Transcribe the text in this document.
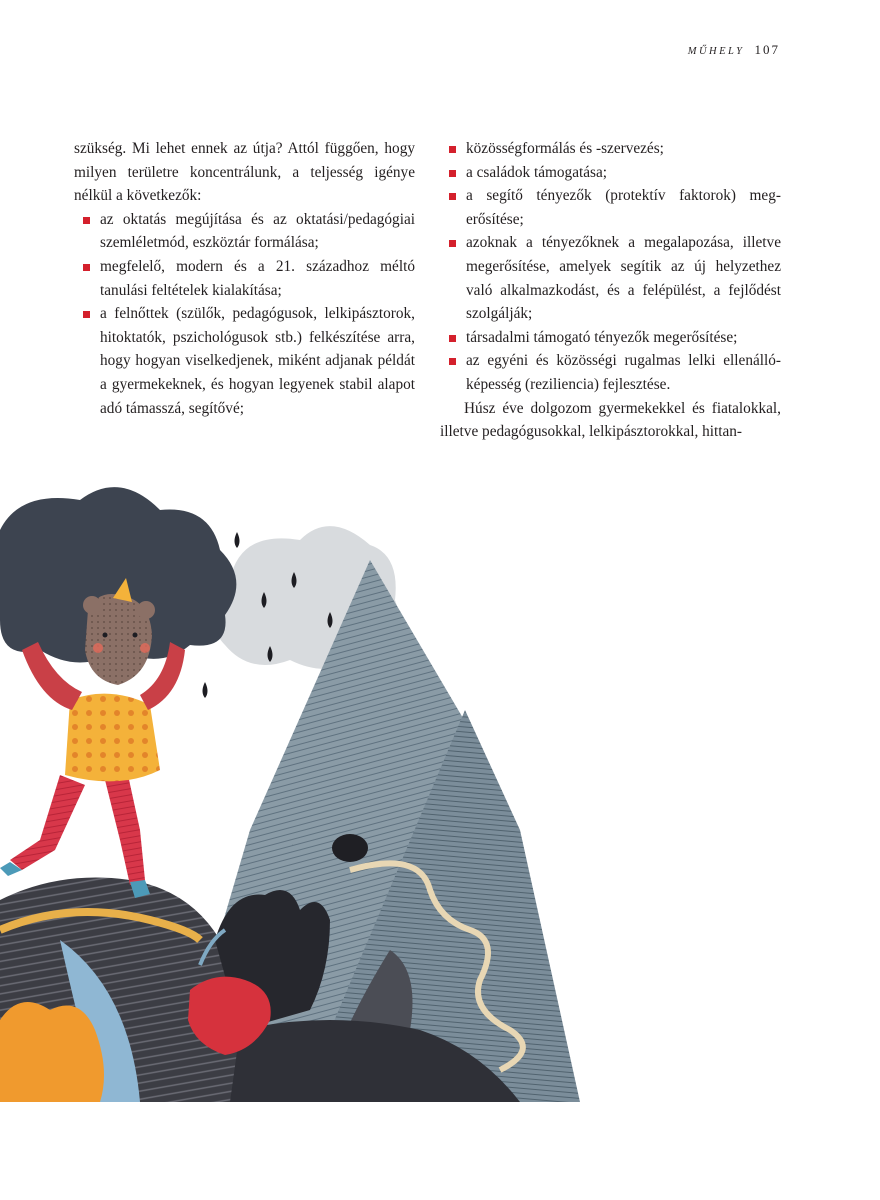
MŰHELY 107

szükség. Mi lehet ennek az útja? Attól függően, hogy milyen területre koncentrálunk, a teljesség igénye nélkül a következők:

az oktatás megújítása és az oktatási/pedagógiai szemléletmód, eszköztár formálása;
megfelelő, modern és a 21. századhoz méltó tanulási feltételek kialakítása;
a felnőttek (szülők, pedagógusok, lelkipásztorok, hitoktatók, pszichológusok stb.) felkészítése arra, hogy hogyan viselkedjenek, miként adjanak példát a gyermekeknek, és hogyan legyenek stabil alapot adó támasszá, segítővé;
közösségformálás és -szervezés;
a családok támogatása;
a segítő tényezők (protektív faktorok) megerősítése;
azoknak a tényezőknek a megalapozása, illetve megerősítése, amelyek segítik az új helyzethez való alkalmazkodást, és a felépülést, a fejlődést szolgálják;
társadalmi támogató tényezők megerősítése;
az egyéni és közösségi rugalmas lelki ellenálló-képesség (reziliencia) fejlesztése.

Húsz éve dolgozom gyermekekkel és fiatalokkal, illetve pedagógusokkal, lelkipásztorokkal, hittan-
